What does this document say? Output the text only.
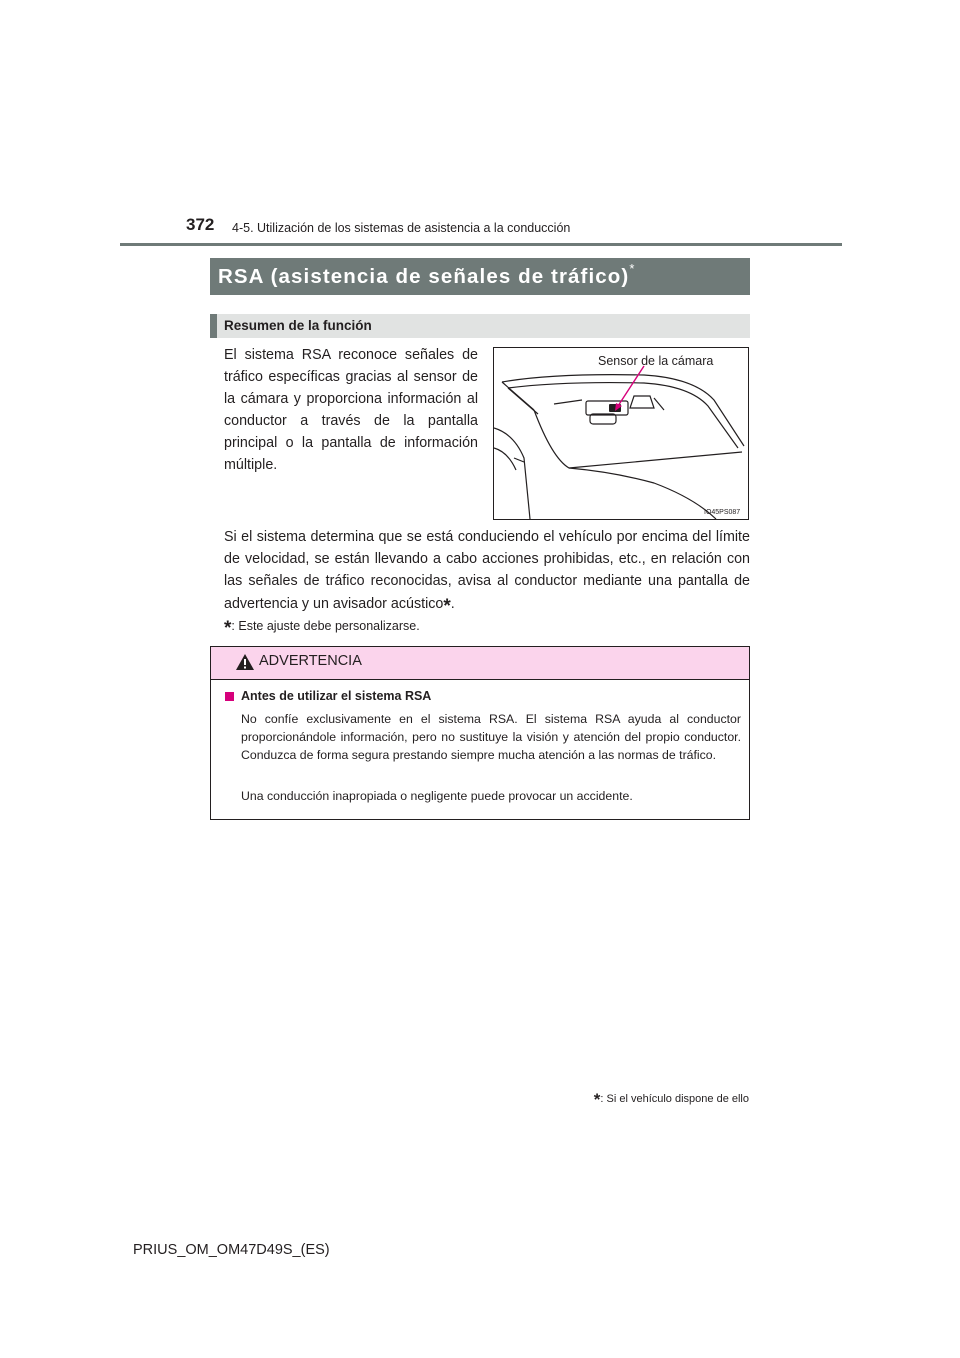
372 4-5. Utilización de los sistemas de asistencia a la conducción
RSA (asistencia de señales de tráfico)*
Resumen de la función
El sistema RSA reconoce señales de tráfico específicas gracias al sensor de la cámara y proporciona información al conductor a través de la pantalla principal o la pantalla de información múltiple.
Sensor de la cámara
IO45PS087
Si el sistema determina que se está conduciendo el vehículo por encima del límite de velocidad, se están llevando a cabo acciones prohibidas, etc., en relación con las señales de tráfico reconocidas, avisa al conductor mediante una pantalla de advertencia y un avisador acústico*.
*: Este ajuste debe personalizarse.
ADVERTENCIA
Antes de utilizar el sistema RSA
No confíe exclusivamente en el sistema RSA. El sistema RSA ayuda al conductor proporcionándole información, pero no sustituye la visión y atención del propio conductor. Conduzca de forma segura prestando siempre mucha atención a las normas de tráfico.
Una conducción inapropiada o negligente puede provocar un accidente.
*: Si el vehículo dispone de ello
PRIUS_OM_OM47D49S_(ES)
